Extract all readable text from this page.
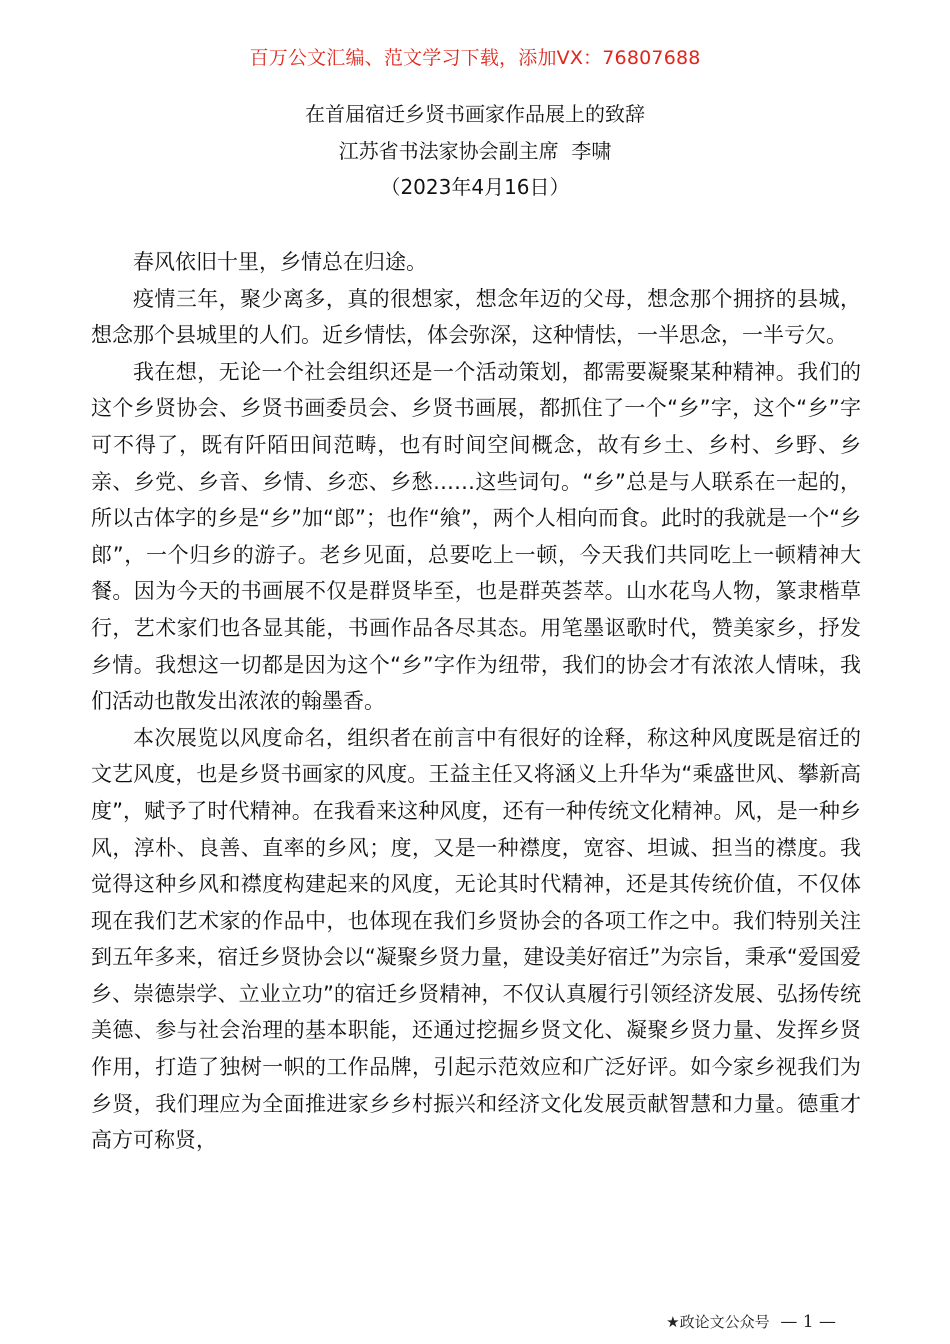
百万公文汇编、范文学习下载，添加VX：76807688
在首届宿迁乡贤书画家作品展上的致辞
江苏省书法家协会副主席  李啸
（2023年4月16日）

春风依旧十里，乡情总在归途。

疫情三年，聚少离多，真的很想家，想念年迈的父母，想念那个拥挤的县城，想念那个县城里的人们。近乡情怯，体会弥深，这种情怯，一半思念，一半亏欠。

我在想，无论一个社会组织还是一个活动策划，都需要凝聚某种精神。我们的这个乡贤协会、乡贤书画委员会、乡贤书画展，都抓住了一个“乡”字，这个“乡”字可不得了，既有阡陌田间范畴，也有时间空间概念，故有乡土、乡村、乡野、乡亲、乡党、乡音、乡情、乡恋、乡愁……这些词句。“乡”总是与人联系在一起的，所以古体字的乡是“乡”加“郎”；也作“飨”，两个人相向而食。此时的我就是一个“乡郎”，一个归乡的游子。老乡见面，总要吃上一顿，今天我们共同吃上一顿精神大餐。因为今天的书画展不仅是群贤毕至，也是群英荟萃。山水花鸟人物，篆隶楷草行，艺术家们也各显其能，书画作品各尽其态。用笔墨讴歌时代，赞美家乡，抒发乡情。我想这一切都是因为这个“乡”字作为纽带，我们的协会才有浓浓人情味，我们活动也散发出浓浓的翰墨香。

本次展览以风度命名，组织者在前言中有很好的诠释，称这种风度既是宿迁的文艺风度，也是乡贤书画家的风度。王益主任又将涵义上升华为“乘盛世风、攀新高度”，赋予了时代精神。在我看来这种风度，还有一种传统文化精神。风，是一种乡风，淳朴、良善、直率的乡风；度，又是一种襟度，宽容、坦诚、担当的襟度。我觉得这种乡风和襟度构建起来的风度，无论其时代精神，还是其传统价值，不仅体现在我们艺术家的作品中，也体现在我们乡贤协会的各项工作之中。我们特别关注到五年多来，宿迁乡贤协会以“凝聚乡贤力量，建设美好宿迁”为宗旨，秉承“爱国爱乡、崇德崇学、立业立功”的宿迁乡贤精神，不仅认真履行引领经济发展、弘扬传统美德、参与社会治理的基本职能，还通过挖掘乡贤文化、凝聚乡贤力量、发挥乡贤作用，打造了独树一帜的工作品牌，引起示范效应和广泛好评。如今家乡视我们为乡贤，我们理应为全面推进家乡乡村振兴和经济文化发展贡献智慧和力量。德重才高方可称贤，

★政论文公众号 — 1 —
